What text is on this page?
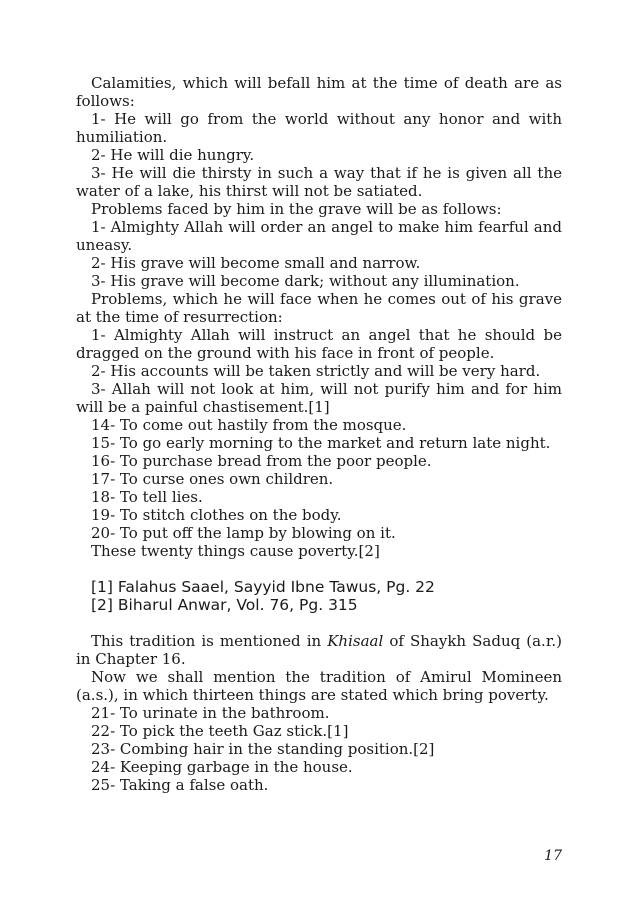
Calamities, which will befall him at the time of death are as follows:

1- He will go from the world without any honor and with humiliation.

2- He will die hungry.

3- He will die thirsty in such a way that if he is given all the water of a lake, his thirst will not be satiated.

Problems faced by him in the grave will be as follows:

1- Almighty Allah will order an angel to make him fearful and uneasy.

2- His grave will become small and narrow.

3- His grave will become dark; without any illumination.

Problems, which he will face when he comes out of his grave at the time of resurrection:

1- Almighty Allah will instruct an angel that he should be dragged on the ground with his face in front of people.

2- His accounts will be taken strictly and will be very hard.

3- Allah will not look at him, will not purify him and for him will be a painful chastisement.[1]

14- To come out hastily from the mosque.

15- To go early morning to the market and return late night.

16- To purchase bread from the poor people.

17- To curse ones own children.

18- To tell lies.

19- To stitch clothes on the body.

20- To put off the lamp by blowing on it.

These twenty things cause poverty.[2]

[1] Falahus Saael, Sayyid Ibne Tawus, Pg. 22

[2] Biharul Anwar, Vol. 76, Pg. 315

This tradition is mentioned in Khisaal of Shaykh Saduq (a.r.) in Chapter 16.

Now we shall mention the tradition of Amirul Momineen (a.s.), in which thirteen things are stated which bring poverty.

21- To urinate in the bathroom.

22- To pick the teeth Gaz stick.[1]

23- Combing hair in the standing position.[2]

24- Keeping garbage in the house.

25- Taking a false oath.

17
